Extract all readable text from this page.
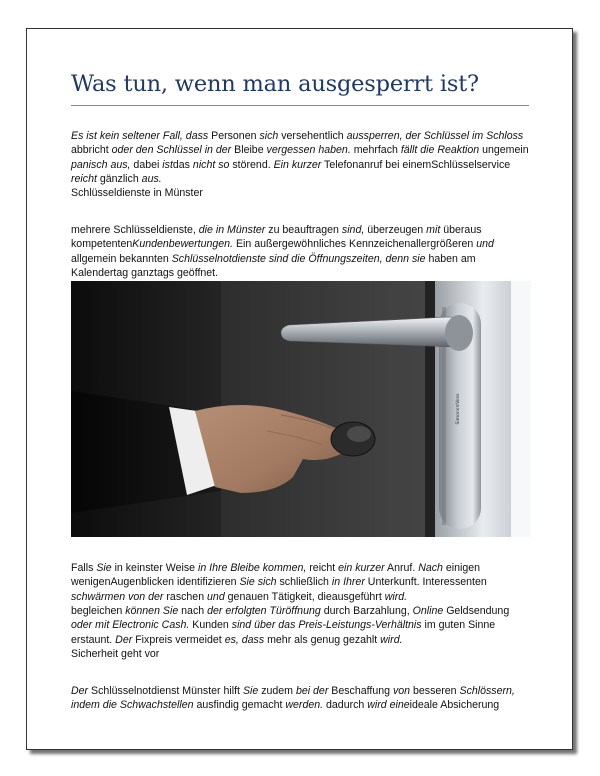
Was tun, wenn man ausgesperrt ist?

Es ist kein seltener Fall, dass Personen sich versehentlich aussperren, der Schlüssel im Schloss abbricht oder den Schlüssel in der Bleibe vergessen haben. mehrfach fällt die Reaktion ungemein panisch aus, dabei istdas nicht so störend. Ein kurzer Telefonanruf bei einemSchlüsselservice reicht gänzlich aus.

Schlüsseldienste in Münster

mehrere Schlüsseldienste, die in Münster zu beauftragen sind, überzeugen mit überaus kompetentenKundenbewertungen. Ein außergewöhnliches Kennzeichenallergrößeren und allgemein bekannten Schlüsselnotdienste sind die Öffnungszeiten, denn sie haben am Kalendertag ganztags geöffnet.

Simons≡Voss

Falls Sie in keinster Weise in Ihre Bleibe kommen, reicht ein kurzer Anruf. Nach einigen wenigenAugenblicken identifizieren Sie sich schließlich in Ihrer Unterkunft. Interessenten schwärmen von der raschen und genauen Tätigkeit, dieausgeführt wird.

begleichen können Sie nach der erfolgten Türöffnung durch Barzahlung, Online Geldsendung oder mit Electronic Cash. Kunden sind über das Preis-Leistungs-Verhältnis im guten Sinne erstaunt. Der Fixpreis vermeidet es, dass mehr als genug gezahlt wird.

Sicherheit geht vor

Der Schlüsselnotdienst Münster hilft Sie zudem bei der Beschaffung von besseren Schlössern, indem die Schwachstellen ausfindig gemacht werden. dadurch wird eineideale Absicherung
